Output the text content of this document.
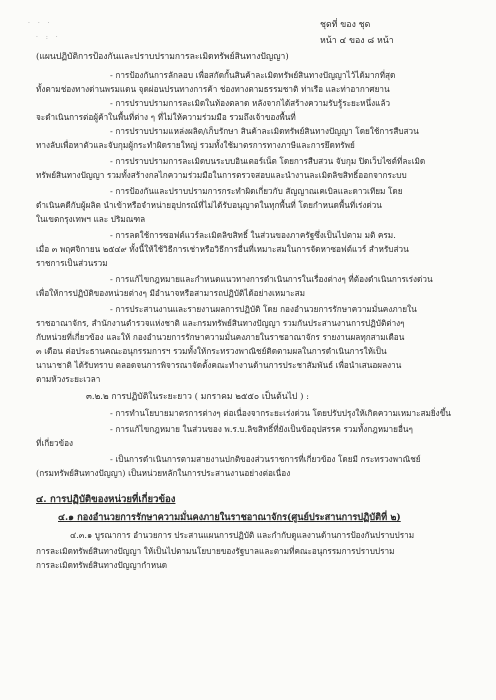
· · ·
· : ·
ชุดที่ ของ ชุด
หน้า ๔ ของ ๘ หน้า
(แผนปฏิบัติการป้องกันและปราบปรามการละเมิดทรัพย์สินทางปัญญา)
- การป้องกันการลักลอบ เพื่อสกัดกั้นสินค้าละเมิดทรัพย์สินทางปัญญาไว้ได้มากที่สุด
ทั้งตามช่องทางด่านพรมแดน จุดผ่อนปรนทางการค้า ช่องทางตามธรรมชาติ ท่าเรือ และท่าอากาศยาน
- การปราบปรามการละเมิดในท้องตลาด หลังจากได้สร้างความรับรู้ระยะหนึ่งแล้ว
จะดำเนินการต่อผู้ค้าในพื้นที่ต่าง ๆ ที่ไม่ให้ความร่วมมือ รวมถึงเจ้าของพื้นที่
- การปราบปรามแหล่งผลิต/เก็บรักษา สินค้าละเมิดทรัพย์สินทางปัญญา โดยใช้การสืบสวน
ทางลับเพื่อหาตัวและจับกุมผู้กระทำผิดรายใหญ่ รวมทั้งใช้มาตรการทางภาษีและการยึดทรัพย์
- การปราบปรามการละเมิดบนระบบอินเตอร์เน็ต โดยการสืบสวน จับกุม ปิดเว็บไซต์ที่ละเมิด
ทรัพย์สินทางปัญญา รวมทั้งสร้างกลไกความร่วมมือในการตรวจสอบและนำงานละเมิดลิขสิทธิ์ออกจากระบบ
- การป้องกันและปราบปรามการกระทำผิดเกี่ยวกับ สัญญาณเคเบิลและดาวเทียม โดย
ดำเนินคดีกับผู้ผลิต นำเข้าหรือจำหน่ายอุปกรณ์ที่ไม่ได้รับอนุญาตในทุกพื้นที่ โดยกำหนดพื้นที่เร่งด่วน
ในเขตกรุงเทพฯ และ ปริมณฑล
- การลดใช้การซอฟต์แวร์ละเมิดลิขสิทธิ์ ในส่วนของภาครัฐซึ่งเป็นไปตาม มติ ครม.
เมื่อ ๓ พฤศจิกายน ๒๕๔๙ ทั้งนี้ให้ใช้วิธีการเช่าหรือวิธีการอื่นที่เหมาะสมในการจัดหาซอฟต์แวร์ สำหรับส่วน
ราชการเป็นส่วนรวม
- การแก้ไขกฎหมายและกำหนดแนวทางการดำเนินการในเรื่องต่างๆ ที่ต้องดำเนินการเร่งด่วน
เพื่อให้การปฏิบัติของหน่วยต่างๆ มีอำนาจหรือสามารถปฏิบัติได้อย่างเหมาะสม
- การประสานงานและรายงานผลการปฏิบัติ โดย กองอำนวยการรักษาความมั่นคงภายใน
ราชอาณาจักร, สำนักงานตำรวจแห่งชาติ และกรมทรัพย์สินทางปัญญา รวมกันประสานงานการปฏิบัติต่างๆ
กับหน่วยที่เกี่ยวข้อง และให้ กองอำนวยการรักษาความมั่นคงภายในราชอาณาจักร รายงานผลทุกสามเดือน
๓ เดือน ต่อประธานคณะอนุกรรมการฯ รวมทั้งให้กระทรวงพาณิชย์ติดตามผลในการดำเนินการให้เป็น
นานาชาติ ได้รับทราบ ตลอดจนการพิจารณาจัดตั้งคณะทำงานด้านการประชาสัมพันธ์ เพื่อนำเสนอผลงาน
ตามห้วงระยะเวลา
๓.๒.๒ การปฏิบัติในระยะยาว ( มกราคม ๒๕๕๐ เป็นต้นไป ) :
- การทำนโยบายมาตรการต่างๆ ต่อเนื่องจากระยะเร่งด่วน โดยปรับปรุงให้เกิดความเหมาะสมยิ่งขึ้น
- การแก้ไขกฎหมาย ในส่วนของ พ.ร.บ.ลิขสิทธิ์ที่ยังเป็นข้ออุปสรรค รวมทั้งกฎหมายอื่นๆ
ที่เกี่ยวข้อง
- เป็นการดำเนินการตามสายงานปกติของส่วนราชการที่เกี่ยวข้อง โดยมี กระทรวงพาณิชย์
(กรมทรัพย์สินทางปัญญา) เป็นหน่วยหลักในการประสานงานอย่างต่อเนื่อง
๔. การปฏิบัติของหน่วยที่เกี่ยวข้อง
๔.๑ กองอำนวยการรักษาความมั่นคงภายในราชอาณาจักร(ศูนย์ประสานการปฏิบัติที่ ๒)
๔.๓.๑ บูรณาการ อำนวยการ ประสานแผนการปฏิบัติ และกำกับดูแลงานด้านการป้องกันปราบปราม
การละเมิดทรัพย์สินทางปัญญา ให้เป็นไปตามนโยบายของรัฐบาลและตามที่คณะอนุกรรมการปราบปราม
การละเมิดทรัพย์สินทางปัญญากำหนด
